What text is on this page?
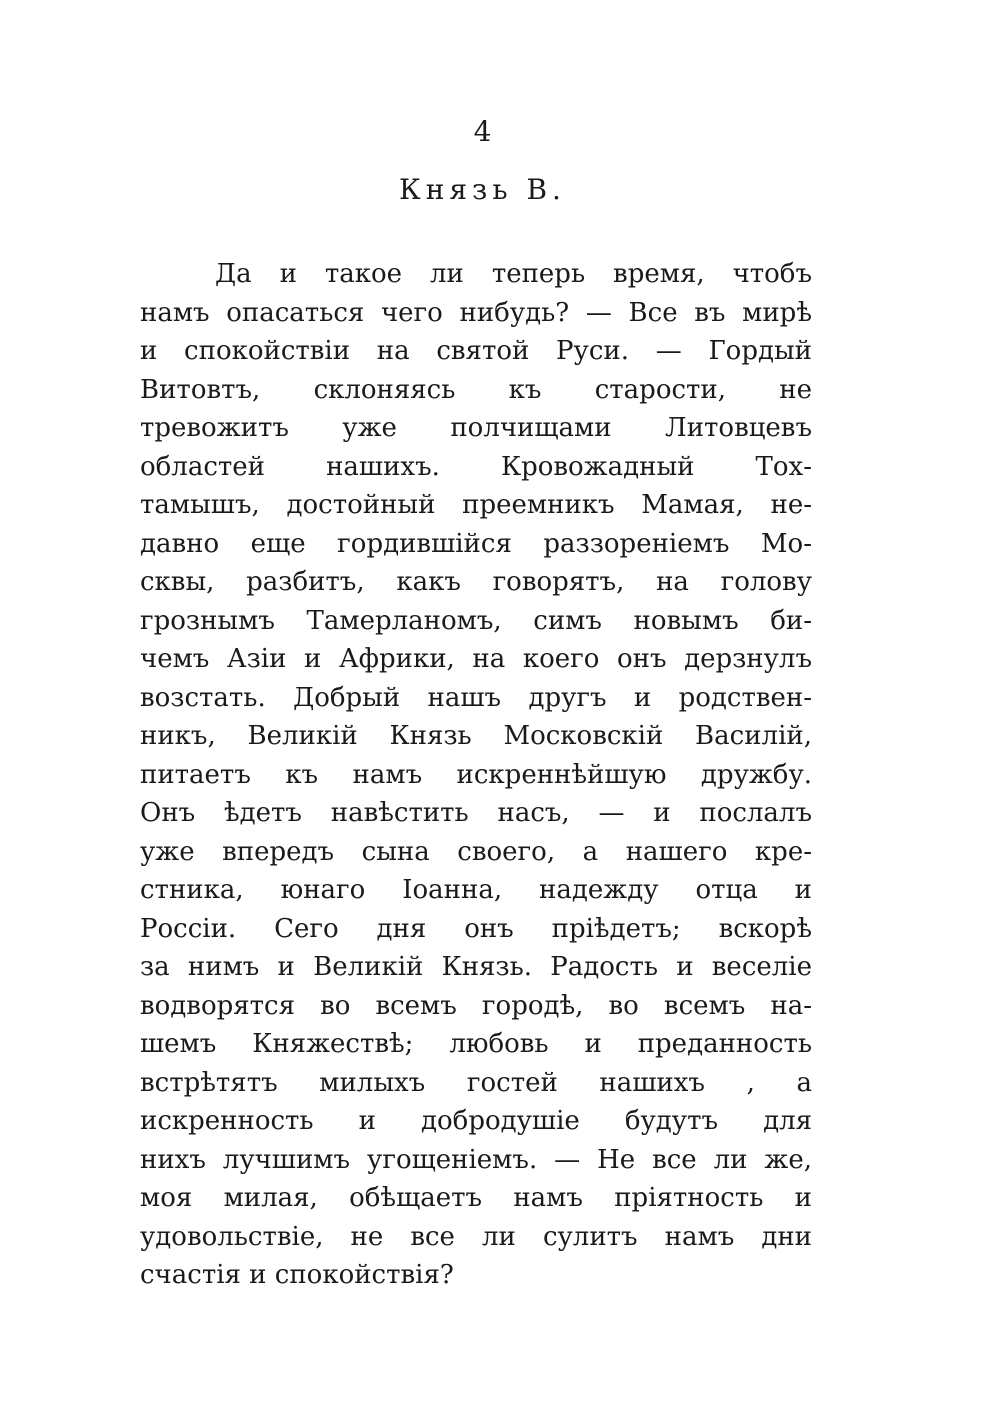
4
Князь В.
Да и такое ли теперь время, чтобъ
намъ опасаться чего нибудь? — Все въ мирѣ
и спокойствіи на святой Руси. — Гордый
Витовтъ, склоняясь къ старости, не
тревожитъ уже полчищами Литовцевъ
областей нашихъ. Кровожадный Тох-
тамышъ, достойный преемникъ Мамая, не-
давно еще гордившійся раззореніемъ Мо-
сквы, разбитъ, какъ говорятъ, на голову
грознымъ Тамерланомъ, симъ новымъ би-
чемъ Азіи и Африки, на коего онъ дерзнулъ
возстать. Добрый нашъ другъ и родствен-
никъ, Великій Князь Московскій Василій,
питаетъ къ намъ искреннѣйшую дружбу.
Онъ ѣдетъ навѣстить насъ, — и послалъ
уже впередъ сына своего, а нашего кре-
стника, юнаго Іоанна, надежду отца и
Россіи. Сего дня онъ пріѣдетъ; вскорѣ
за нимъ и Великій Князь. Радость и веселіе
водворятся во всемъ городѣ, во всемъ на-
шемъ Княжествѣ; любовь и преданность
встрѣтятъ милыхъ гостей нашихъ , а
искренность и добродушіе будутъ для
нихъ лучшимъ угощеніемъ. — Не все ли же,
моя милая, обѣщаетъ намъ пріятность и
удовольствіе, не все ли сулитъ намъ дни
счастія и спокойствія?
